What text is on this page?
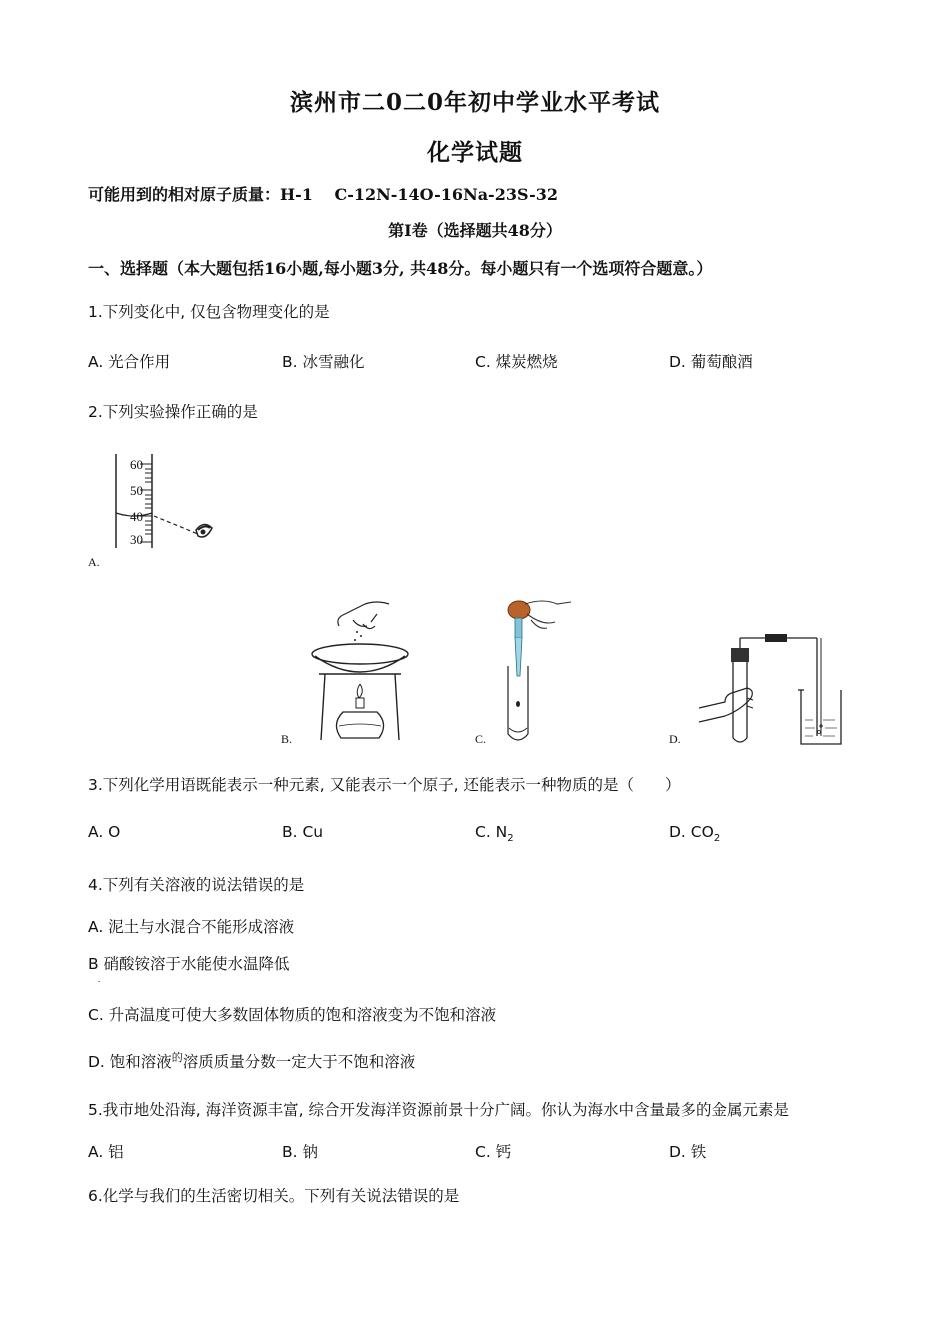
滨州市二0二0年初中学业水平考试
化学试题
可能用到的相对原子质量：H-1　 C-12N-14O-16Na-23S-32
第I卷（选择题共48分）
一、选择题（本大题包括16小题,每小题3分, 共48分。每小题只有一个选项符合题意。）
1.下列变化中, 仅包含物理变化的是
A. 光合作用	B. 冰雪融化	C. 煤炭燃烧	D. 葡萄酿酒
2.下列实验操作正确的是
60
50
40
30
A.
B.	C.	D.
3.下列化学用语既能表示一种元素, 又能表示一个原子, 还能表示一种物质的是（　　）
A. O	B. Cu	C. $N_2$	D. $CO_2$
4.下列有关溶液的说法错误的是
A. 泥土与水混合不能形成溶液
B 硝酸铵溶于水能使水温降低
.
C. 升高温度可使大多数固体物质的饱和溶液变为不饱和溶液
D. 饱和溶液$^的$溶质质量分数一定大于不饱和溶液
5.我市地处沿海, 海洋资源丰富, 综合开发海洋资源前景十分广阔。你认为海水中含量最多的金属元素是
A. 铝	B. 钠	C. 钙	D. 铁
6.化学与我们的生活密切相关。下列有关说法错误的是
